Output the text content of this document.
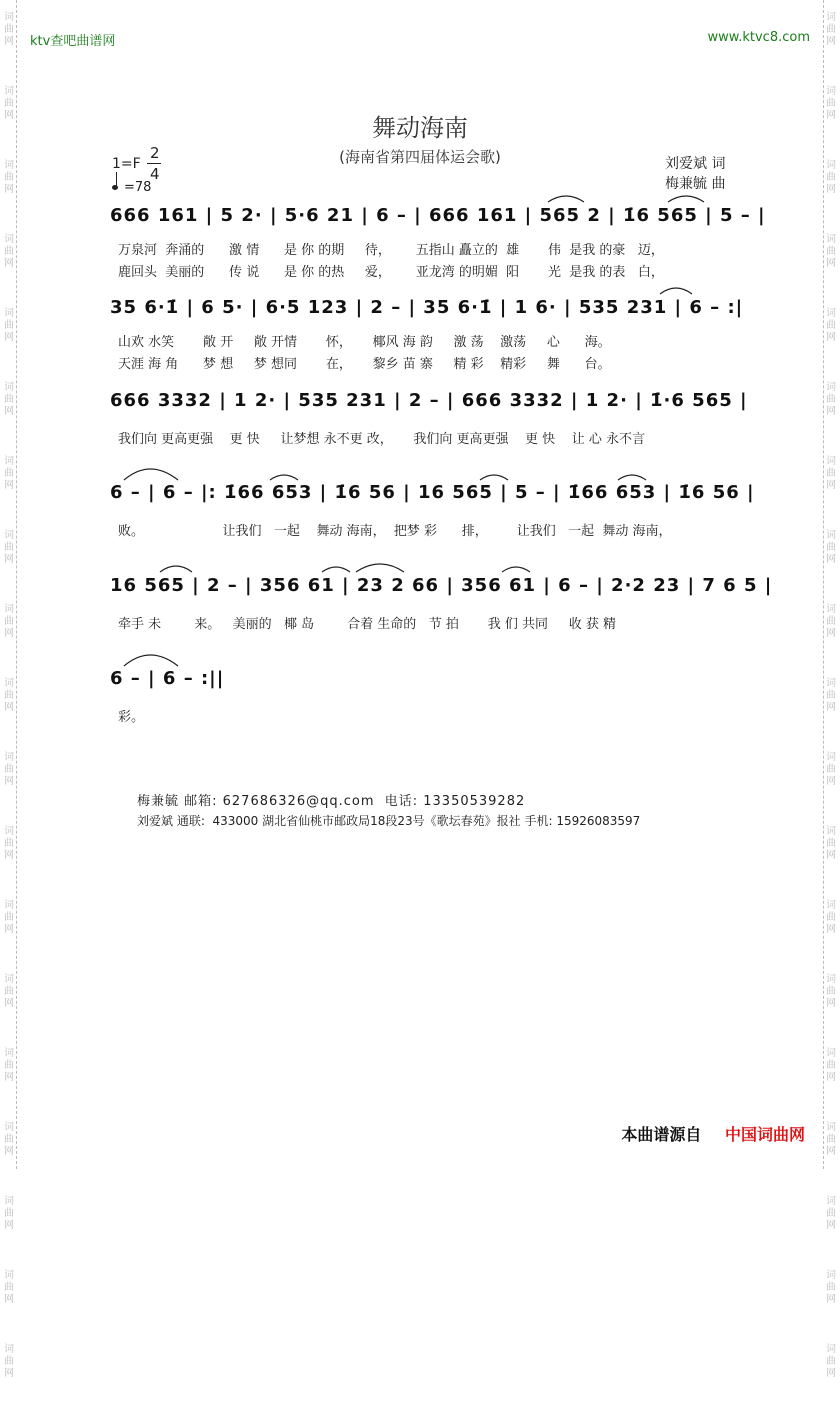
词
曲
网
词
曲
网
词
曲
网
词
曲
网
词
曲
网
词
曲
网
词
曲
网
词
曲
网
词
曲
网
词
曲
网
词
曲
网
词
曲
网
词
曲
网
词
曲
网
词
曲
网
词
曲
网
词
曲
网
词
曲
网
词
曲
网
词
曲
网
词
曲
网
词
曲
网
词
曲
网
词
曲
网
词
曲
网
词
曲
网
词
曲
网
词
曲
网
词
曲
网
词
曲
网
词
曲
网
词
曲
网
词
曲
网
词
曲
网
词
曲
网
词
曲
网
词
曲
网
词
曲
网
ktv查吧曲谱网	www.ktvc8.com
舞动海南
(海南省第四届体运会歌)
1=F
2
4
=78
刘爱斌 词
梅兼毓 曲
666 161 | 5 2· | 5·6 21 | 6 – | 666 161 | 565 2 | 1̇6 565 | 5 – |
万泉河  奔涌的      激 情      是 你 的期     待，      五指山 矗立的  雄       伟  是我 的豪   迈，
鹿回头  美丽的      传 说      是 你 的热     爱，      亚龙湾 的明媚  阳       光  是我 的表   白，
35 6·1̇ | 6 5· | 6·5 123 | 2 – | 35 6·1̇ | 1 6· | 535 231 | 6 – :|
山欢 水笑       敞 开     敞 开情       怀，     椰风 海 韵     激 荡    激荡     心      海。
天涯 海 角      梦 想     梦 想同       在，     黎乡 苗 寨     精 彩    精彩     舞      台。
666 3332 | 1 2· | 535 231 | 2 – | 666 3332 | 1 2· | 1̇·6 565 |
我们向 更高更强    更 快     让梦想 永不更 改，     我们向 更高更强    更 快    让 心 永不言
6 – | 6 – |: 1̇66 653 | 1̇6 56 | 16 565 | 5 – | 1̇66 653 | 1̇6 56 |
败。                   让我们   一起    舞动 海南，  把梦 彩      排，       让我们   一起  舞动 海南，
16 565 | 2 – | 356 61 | 23 2 66 | 356 61 | 6 – | 2·2 23 | 7 6 5 |
牵手 未        来。   美丽的   椰 岛        合着 生命的   节 拍       我 们 共同     收 获 精
6 – | 6 – :||
彩。
梅兼毓 邮箱: 627686326@qq.com  电话: 13350539282
刘爱斌 通联:  433000 湖北省仙桃市邮政局18段23号《歌坛春苑》报社 手机: 15926083597
本曲谱源自 中国词曲网
